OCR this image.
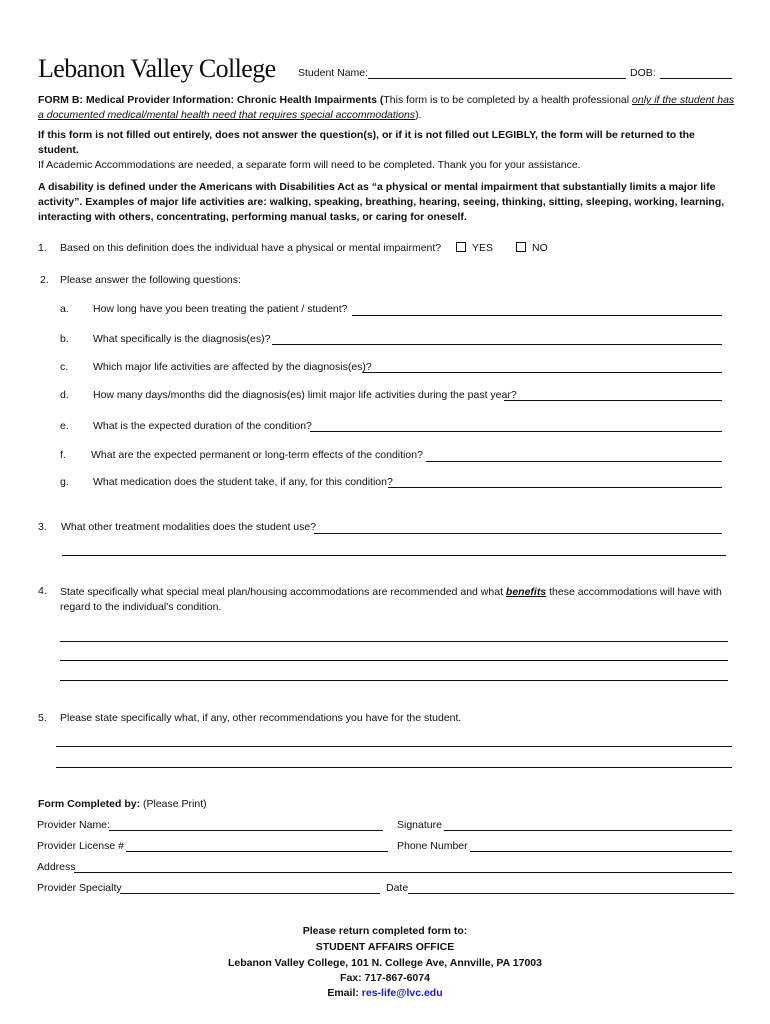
Lebanon Valley College Student Name:	DOB:
FORM B: Medical Provider Information: Chronic Health Impairments (This form is to be completed by a health professional only if the student has a documented medical/mental health need that requires special accommodations).
If this form is not filled out entirely, does not answer the question(s), or if it is not filled out LEGIBLY, the form will be returned to the student.
If Academic Accommodations are needed, a separate form will need to be completed. Thank you for your assistance.
A disability is defined under the Americans with Disabilities Act as “a physical or mental impairment that substantially limits a major life activity”. Examples of major life activities are: walking, speaking, breathing, hearing, seeing, thinking, sitting, sleeping, working, learning, interacting with others, concentrating, performing manual tasks, or caring for oneself.
1. Based on this definition does the individual have a physical or mental impairment?	YES	NO
2. Please answer the following questions:
a. How long have you been treating the patient / student?
b. What specifically is the diagnosis(es)?
c. Which major life activities are affected by the diagnosis(es)?
d. How many days/months did the diagnosis(es) limit major life activities during the past year?
e. What is the expected duration of the condition?
f. What are the expected permanent or long-term effects of the condition?
g. What medication does the student take, if any, for this condition?
3. What other treatment modalities does the student use?
4. State specifically what special meal plan/housing accommodations are recommended and what benefits these accommodations will have with
regard to the individual's condition.
5. Please state specifically what, if any, other recommendations you have for the student.
Form Completed by: (Please Print)
Provider Name:	Signature
Provider License #	Phone Number
Address
Provider Specialty	Date
Please return completed form to:
STUDENT AFFAIRS OFFICE
Lebanon Valley College, 101 N. College Ave, Annville, PA 17003
Fax: 717-867-6074
Email: res-life@lvc.edu
